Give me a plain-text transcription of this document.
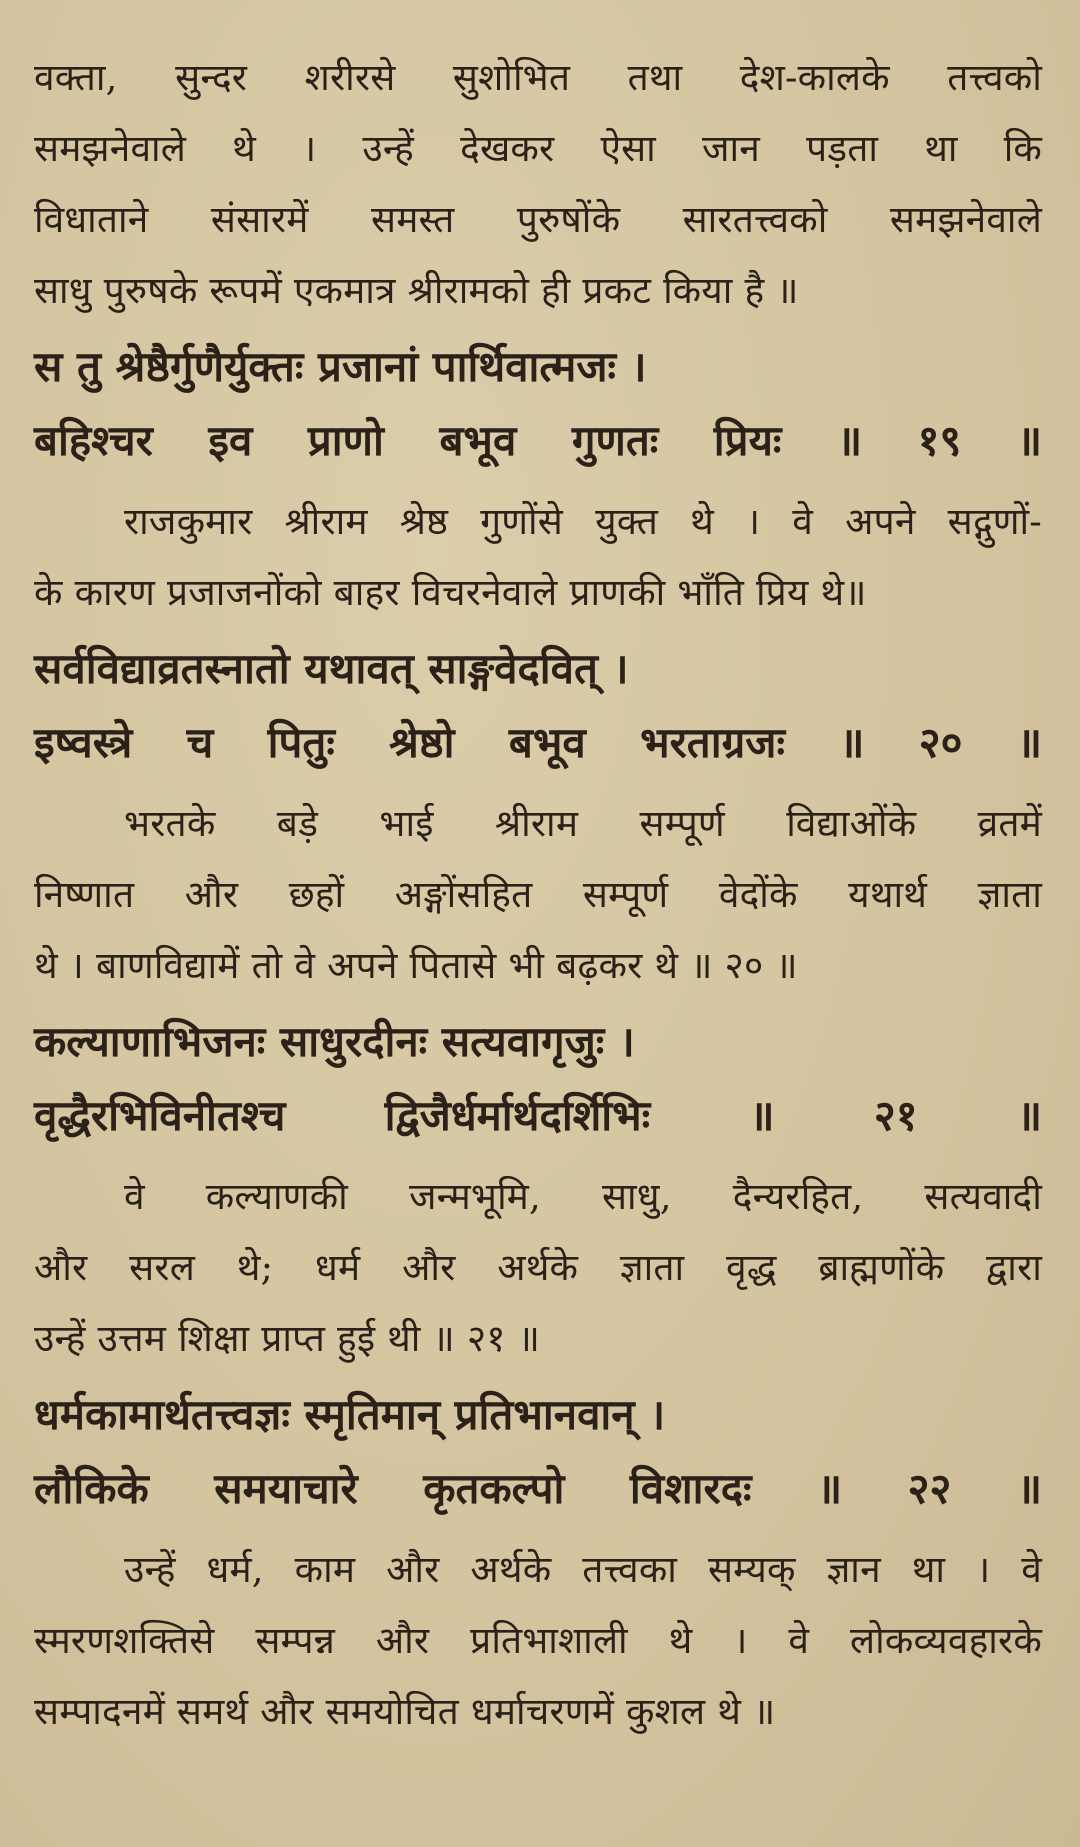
वक्ता, सुन्दर शरीरसे सुशोभित तथा देश-कालके तत्त्वको
समझनेवाले थे । उन्हें देखकर ऐसा जान पड़ता था कि
विधाताने संसारमें समस्त पुरुषोंके सारतत्त्वको समझनेवाले
साधु पुरुषके रूपमें एकमात्र श्रीरामको ही प्रकट किया है ॥
स तु श्रेष्ठैर्गुणैर्युक्तः प्रजानां पार्थिवात्मजः ।
बहिश्चर इव प्राणो बभूव गुणतः प्रियः ॥ १९ ॥
राजकुमार श्रीराम श्रेष्ठ गुणोंसे युक्त थे । वे अपने सद्गुणों-
के कारण प्रजाजनोंको बाहर विचरनेवाले प्राणकी भाँति प्रिय थे॥
सर्वविद्याव्रतस्नातो यथावत् साङ्गवेदवित् ।
इष्वस्त्रे च पितुः श्रेष्ठो बभूव भरताग्रजः ॥ २० ॥
भरतके बड़े भाई श्रीराम सम्पूर्ण विद्याओंके व्रतमें
निष्णात और छहों अङ्गोंसहित सम्पूर्ण वेदोंके यथार्थ ज्ञाता
थे । बाणविद्यामें तो वे अपने पितासे भी बढ़कर थे ॥ २० ॥
कल्याणाभिजनः साधुरदीनः सत्यवागृजुः ।
वृद्धैरभिविनीतश्च द्विजैर्धर्मार्थदर्शिभिः ॥ २१ ॥
वे कल्याणकी जन्मभूमि, साधु, दैन्यरहित, सत्यवादी
और सरल थे; धर्म और अर्थके ज्ञाता वृद्ध ब्राह्मणोंके द्वारा
उन्हें उत्तम शिक्षा प्राप्त हुई थी ॥ २१ ॥
धर्मकामार्थतत्त्वज्ञः स्मृतिमान् प्रतिभानवान् ।
लौकिके समयाचारे कृतकल्पो विशारदः ॥ २२ ॥
उन्हें धर्म, काम और अर्थके तत्त्वका सम्यक् ज्ञान था । वे
स्मरणशक्तिसे सम्पन्न और प्रतिभाशाली थे । वे लोकव्यवहारके
सम्पादनमें समर्थ और समयोचित धर्माचरणमें कुशल थे ॥
